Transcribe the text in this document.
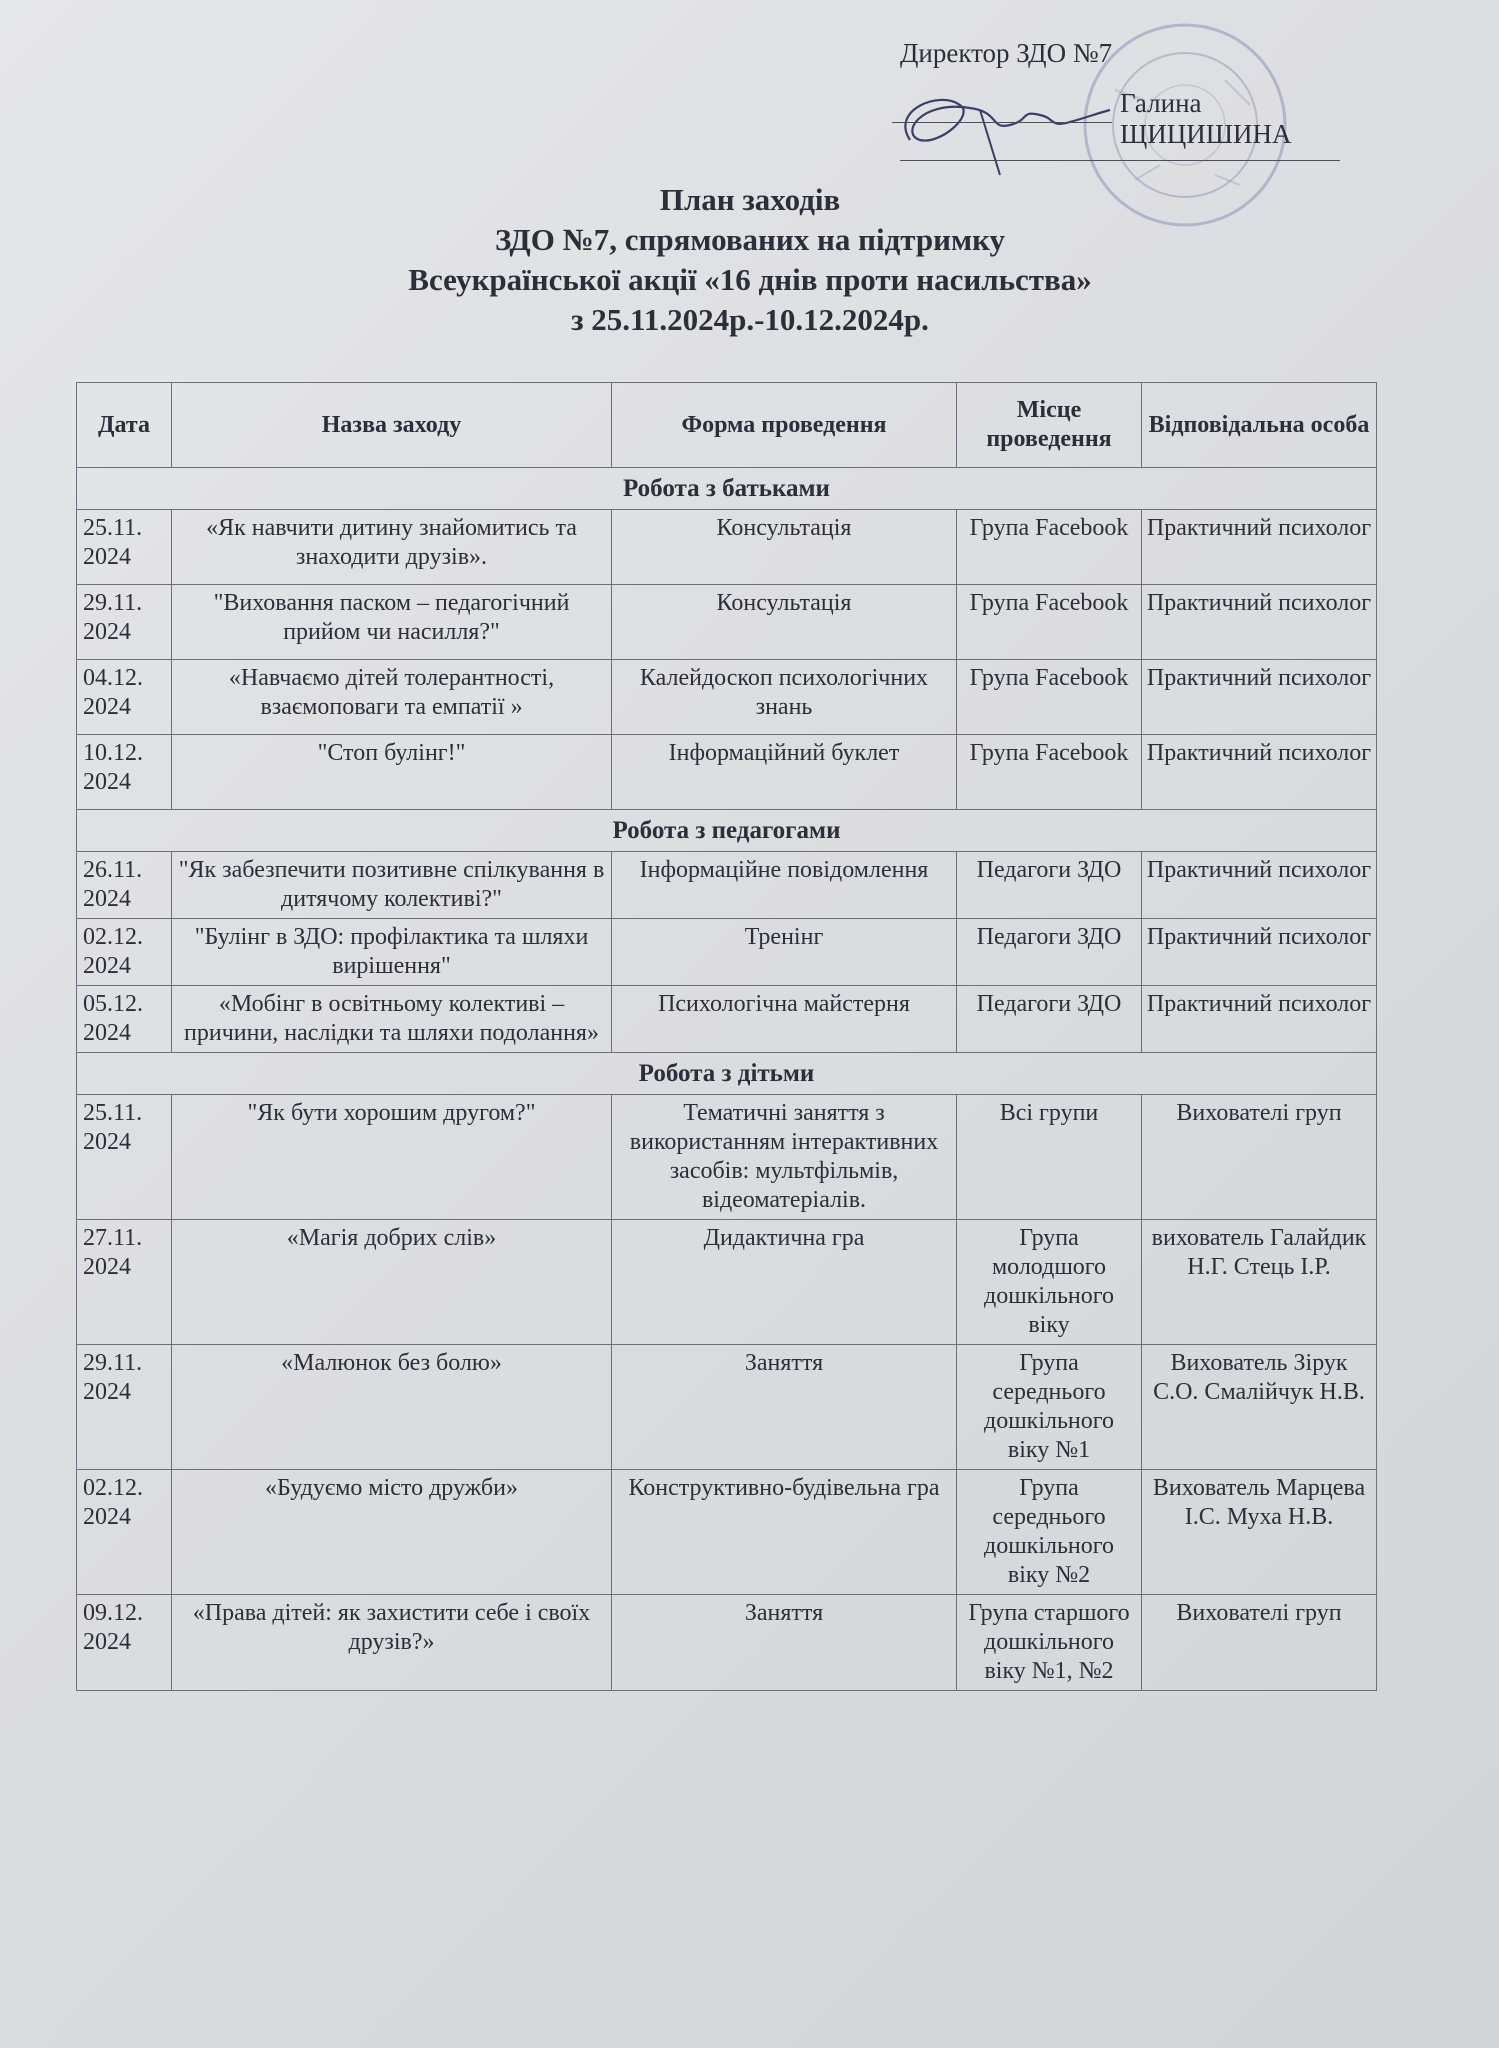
Директор ЗДО №7
Галина ЩИЦИШИНА
План заходів
ЗДО №7, спрямованих на підтримку
Всеукраїнської акції «16 днів проти насильства»
з 25.11.2024р.-10.12.2024р.
Дата	Назва заходу	Форма проведення	Місце проведення	Відповідальна особа
Робота з батьками				
25.11. 2024	«Як навчити дитину знайомитись та знаходити друзів».	Консультація	Група Facebook	Практичний психолог
29.11. 2024	"Виховання паском – педагогічний прийом чи насилля?"	Консультація	Група Facebook	Практичний психолог
04.12. 2024	«Навчаємо дітей толерантності, взаємоповаги та емпатії »	Калейдоскоп психологічних знань	Група Facebook	Практичний психолог
10.12. 2024	"Стоп булінг!"	Інформаційний буклет	Група Facebook	Практичний психолог
Робота з педагогами				
26.11. 2024	"Як забезпечити позитивне спілкування в дитячому колективі?"	Інформаційне повідомлення	Педагоги ЗДО	Практичний психолог
02.12. 2024	"Булінг в ЗДО: профілактика та шляхи вирішення"	Тренінг	Педагоги ЗДО	Практичний психолог
05.12. 2024	«Мобінг в освітньому колективі – причини, наслідки та шляхи подолання»	Психологічна майстерня	Педагоги ЗДО	Практичний психолог
Робота з дітьми				
25.11. 2024	"Як бути хорошим другом?"	Тематичні заняття з використанням інтерактивних засобів: мультфільмів, відеоматеріалів.	Всі групи	Вихователі груп
27.11. 2024	«Магія добрих слів»	Дидактична гра	Група молодшого дошкільного віку	вихователь Галайдик Н.Г. Стець І.Р.
29.11. 2024	«Малюнок без болю»	Заняття	Група середнього дошкільного віку №1	Вихователь Зірук С.О. Смалійчук Н.В.
02.12. 2024	«Будуємо місто дружби»	Конструктивно-будівельна гра	Група середнього дошкільного віку №2	Вихователь Марцева І.С. Муха Н.В.
09.12. 2024	«Права дітей: як захистити себе і своїх друзів?»	Заняття	Група старшого дошкільного віку №1, №2	Вихователі груп
